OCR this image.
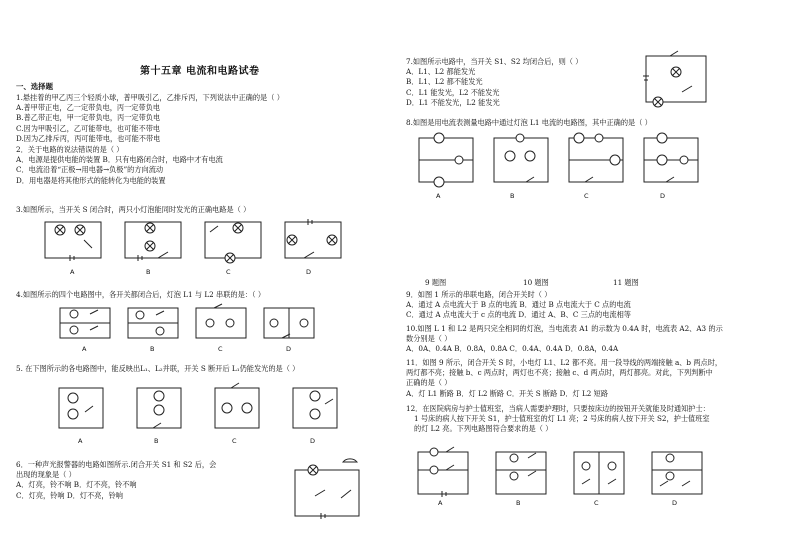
第十五章 电流和电路试卷
一、选择题
1.悬挂着的甲乙丙三个轻质小球，普甲吸引乙，乙排斥丙，下列说法中正确的是（ ）
A.普甲带正电，乙一定带负电，丙一定带负电
B.普乙带正电，甲一定带负电，丙一定带负电
C.因为甲吸引乙，乙可能带电，也可能不带电
D.因为乙排斥丙，丙可能带电，也可能不带电
2．关于电路的说法错误的是（ ）
A．电源是提供电能的装置 B．只有电路闭合时，电路中才有电流
C．电流沿着“正极→用电器→负极”的方向流动
D．用电器是将其他形式的能转化为电能的装置
3.如图所示，当开关 S 闭合时，两只小灯泡能同时发光的正确电路是（ ）
A	B	C	D
4.如图所示的四个电路图中，各开关都闭合后，灯泡 L1 与 L2 串联的是：（ ）
A	B	C	D
5. 在下图所示的各电路图中，能反映出L₁、L₂并联，开关 S 断开后 L₁仍能发光的是（ ）
A	B	C	D
6．一种声光报警器的电路如图所示.闭合开关 S1 和 S2 后，会
出现的现象是（ ）
A．灯亮，铃不响 B．灯不亮，铃不响
C．灯亮，铃响 D．灯不亮，铃响
7.如图所示电路中，当开关 S1、S2 均闭合后，则（ ）
A．L1、L2 都能发光
B．L1、L2 都不能发光
C．L1 能发光，L2 不能发光
D．L1 不能发光，L2 能发光
8.如图是用电流表测量电路中通过灯泡 L1 电流的电路图，其中正确的是（ ）
A	B	C	D
9 题图	10 题图	11 题图
9．如图 1 所示的串联电路，闭合开关时（ ）
A．通过 A 点电流大于 B 点的电流 B．通过 B 点电流大于 C 点的电流
C．通过 A 点电流大于 c 点的电流 D．通过 A、B、C 三点的电流相等
10.如图 L 1 和 L2 是两只完全相同的灯泡，当电流表 A1 的示数为 0.4A 时，电流表 A2、A3 的示
数分别是（ ）
A．0A、0.4A B．0.8A，0.8A C．0.4A、0.4A D．0.8A，0.4A
11．如图 9 所示，闭合开关 S 时，小电灯 L1、L2 都不亮。用一段导线的两端接触 a、b 两点时，
两灯都不亮；接触 b、c 两点时，两灯也不亮；接触 c、d 两点时，两灯都亮。对此，下列判断中
正确的是（ ）
A．灯 L1 断路 B．灯 L2 断路 C．开关 S 断路 D．灯 L2 短路
12．在医院病房与护士值班室，当病人需要护理时，只要按床边的按钮开关就能及时通知护士：
1 号床的病人按下开关 S1，护士值班室的灯 L1 亮；2 号床的病人按下开关 S2，护士值班室
的灯 L2 亮。下列电路图符合要求的是（ ）
A	B	C	D
